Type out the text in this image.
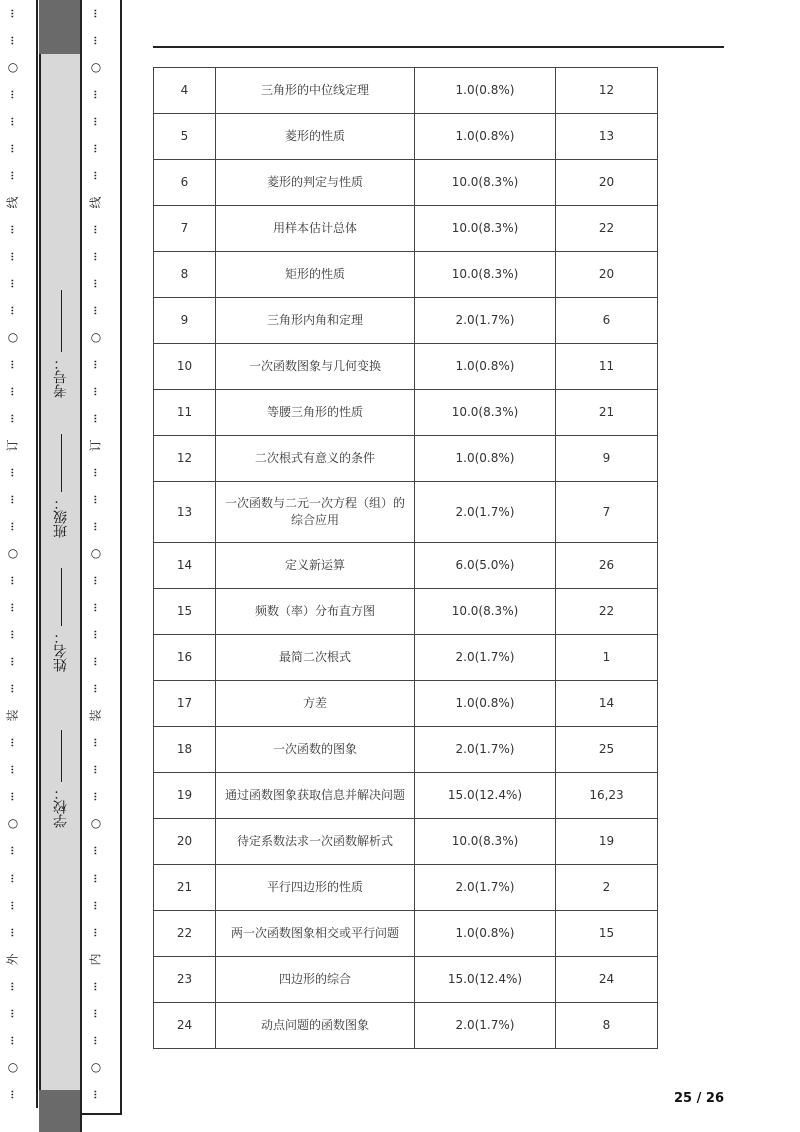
…
…
○
…
…
…
…
线
…
…
…
…
○
…
…
…
订
…
…
…
○
…
…
…
…
…
装
…
…
…
○
…
…
…
…
外
…
…
…
○
…
…
…
○
…
…
…
…
线
…
…
…
…
○
…
…
…
订
…
…
…
○
…
…
…
…
…
装
…
…
…
○
…
…
…
…
内
…
…
…
○
…
学校：
姓名：
班级：
考号：
4	三角形的中位线定理	1.0(0.8%)	12
5	菱形的性质	1.0(0.8%)	13
6	菱形的判定与性质	10.0(8.3%)	20
7	用样本估计总体	10.0(8.3%)	22
8	矩形的性质	10.0(8.3%)	20
9	三角形内角和定理	2.0(1.7%)	6
10	一次函数图象与几何变换	1.0(0.8%)	11
11	等腰三角形的性质	10.0(8.3%)	21
12	二次根式有意义的条件	1.0(0.8%)	9
13	一次函数与二元一次方程（组）的综合应用	2.0(1.7%)	7
14	定义新运算	6.0(5.0%)	26
15	频数（率）分布直方图	10.0(8.3%)	22
16	最简二次根式	2.0(1.7%)	1
17	方差	1.0(0.8%)	14
18	一次函数的图象	2.0(1.7%)	25
19	通过函数图象获取信息并解决问题	15.0(12.4%)	16,23
20	待定系数法求一次函数解析式	10.0(8.3%)	19
21	平行四边形的性质	2.0(1.7%)	2
22	两一次函数图象相交或平行问题	1.0(0.8%)	15
23	四边形的综合	15.0(12.4%)	24
24	动点问题的函数图象	2.0(1.7%)	8
25 / 26
